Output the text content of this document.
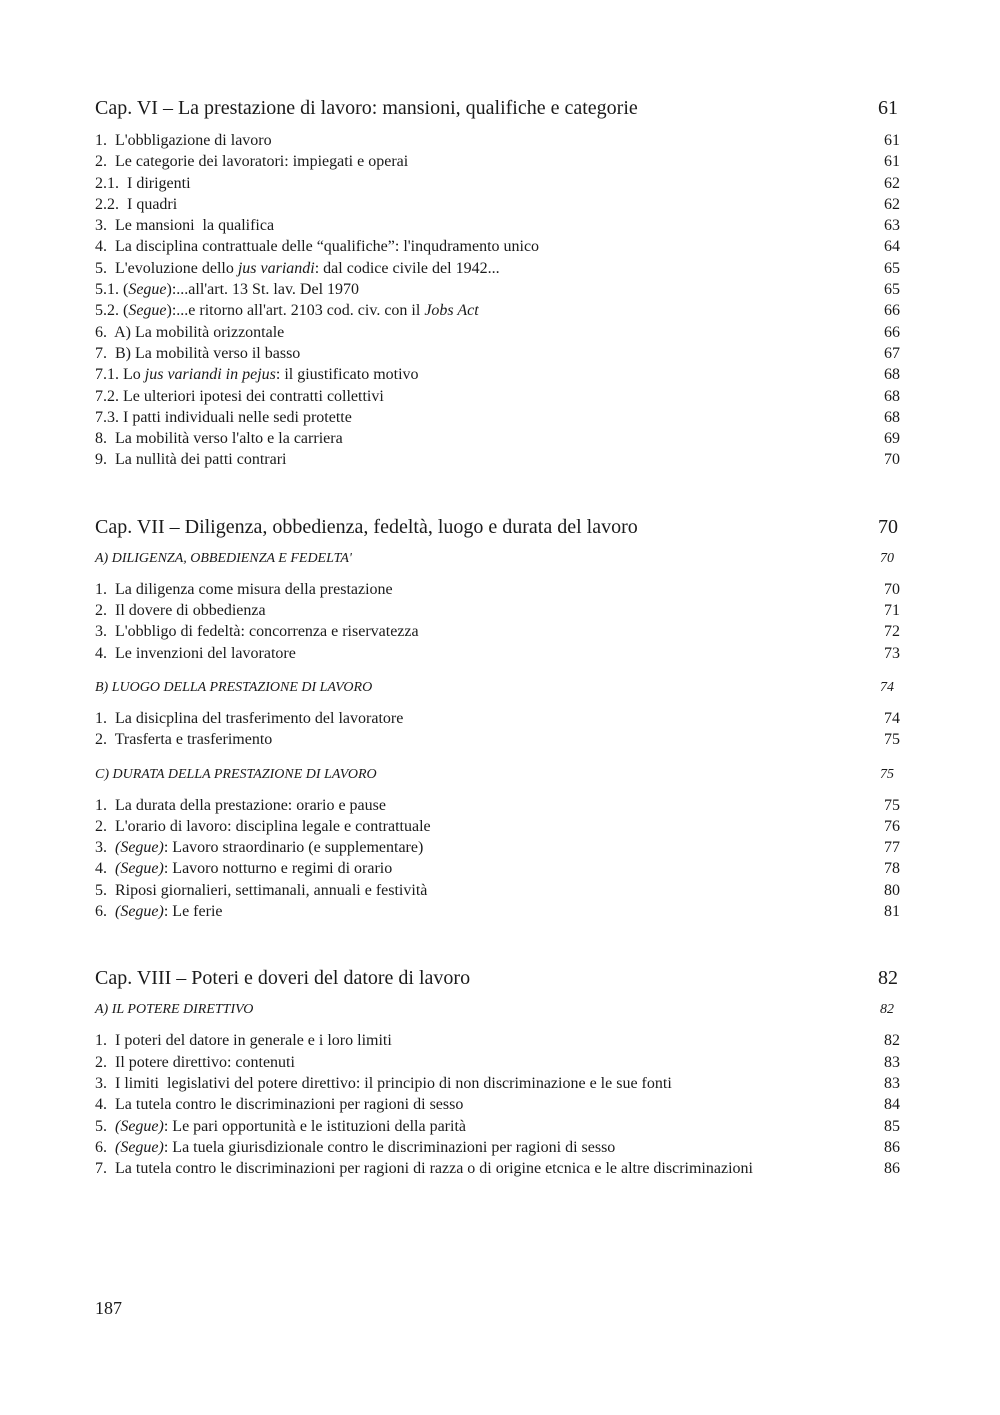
Cap. VI – La prestazione di lavoro: mansioni, qualifiche e categorie	61
1.  L'obbligazione di lavoro	61
2.  Le categorie dei lavoratori: impiegati e operai	61
2.1.  I dirigenti	62
2.2.  I quadri	62
3.  Le mansioni  la qualifica	63
4.  La disciplina contrattuale delle “qualifiche”: l'inqudramento unico	64
5.  L'evoluzione dello jus variandi: dal codice civile del 1942...	65
5.1. (Segue):...all'art. 13 St. lav. Del 1970	65
5.2. (Segue):...e ritorno all'art. 2103 cod. civ. con il Jobs Act	66
6.  A) La mobilità orizzontale	66
7.  B) La mobilità verso il basso	67
7.1. Lo jus variandi in pejus: il giustificato motivo	68
7.2. Le ulteriori ipotesi dei contratti collettivi	68
7.3. I patti individuali nelle sedi protette	68
8.  La mobilità verso l'alto e la carriera	69
9.  La nullità dei patti contrari	70
Cap. VII – Diligenza, obbedienza, fedeltà, luogo e durata del lavoro	70
A) DILIGENZA, OBBEDIENZA E FEDELTA'	70
1.  La diligenza come misura della prestazione	70
2.  Il dovere di obbedienza	71
3.  L'obbligo di fedeltà: concorrenza e riservatezza	72
4.  Le invenzioni del lavoratore	73
B) LUOGO DELLA PRESTAZIONE DI LAVORO	74
1.  La disicplina del trasferimento del lavoratore	74
2.  Trasferta e trasferimento	75
C) DURATA DELLA PRESTAZIONE DI LAVORO	75
1.  La durata della prestazione: orario e pause	75
2.  L'orario di lavoro: disciplina legale e contrattuale	76
3.  (Segue): Lavoro straordinario (e supplementare)	77
4.  (Segue): Lavoro notturno e regimi di orario	78
5.  Riposi giornalieri, settimanali, annuali e festività	80
6.  (Segue): Le ferie	81
Cap. VIII – Poteri e doveri del datore di lavoro	82
A) IL POTERE DIRETTIVO	82
1.  I poteri del datore in generale e i loro limiti	82
2.  Il potere direttivo: contenuti	83
3.  I limiti  legislativi del potere direttivo: il principio di non discriminazione e le sue fonti	83
4.  La tutela contro le discriminazioni per ragioni di sesso	84
5.  (Segue): Le pari opportunità e le istituzioni della parità	85
6.  (Segue): La tuela giurisdizionale contro le discriminazioni per ragioni di sesso	86
7.  La tutela contro le discriminazioni per ragioni di razza o di origine etcnica e le altre discriminazioni	86
187
